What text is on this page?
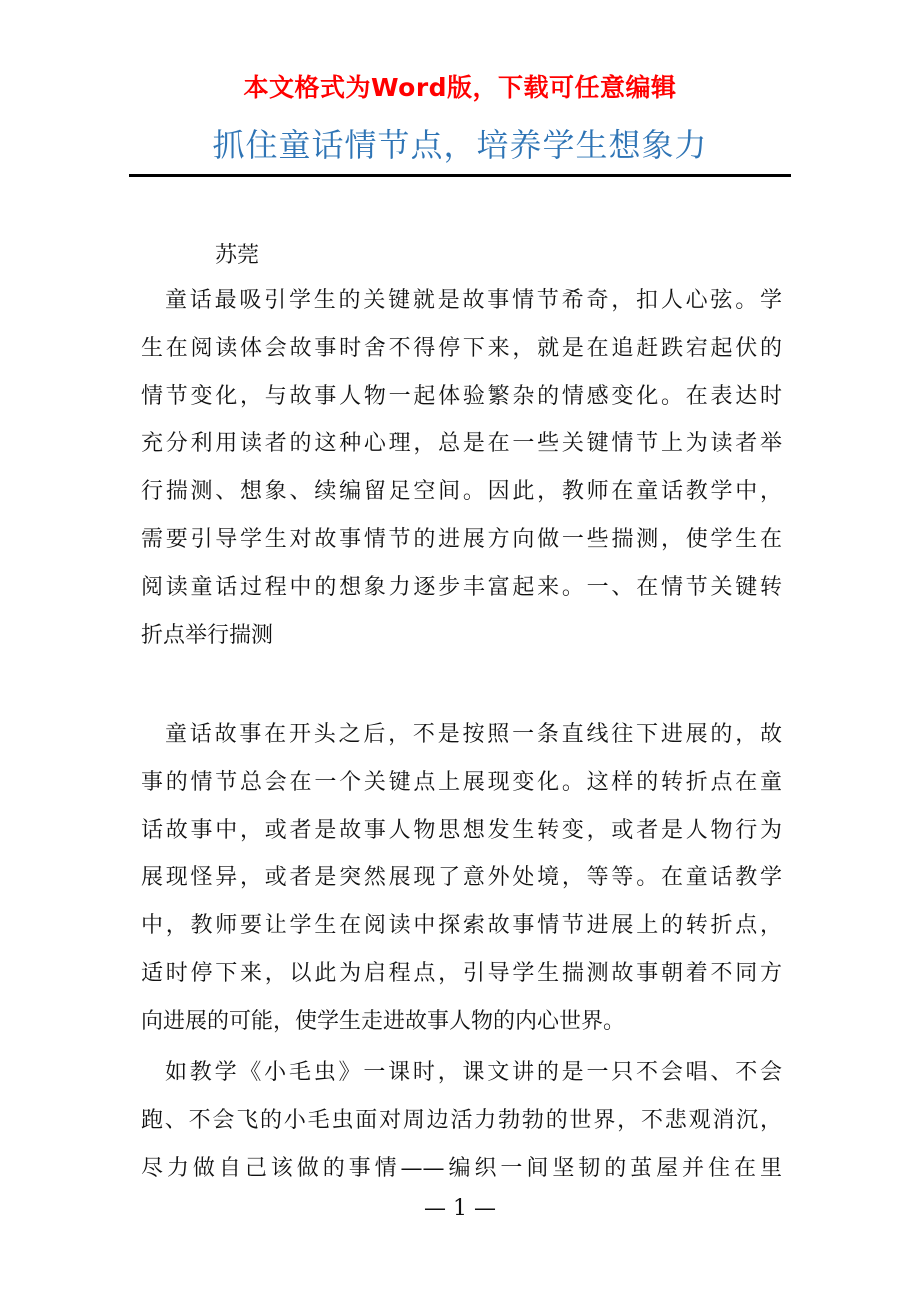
本文格式为Word版，下载可任意编辑
抓住童话情节点，培养学生想象力
苏莞
童话最吸引学生的关键就是故事情节希奇，扣人心弦。学
生在阅读体会故事时舍不得停下来，就是在追赶跌宕起伏的
情节变化，与故事人物一起体验繁杂的情感变化。在表达时
充分利用读者的这种心理，总是在一些关键情节上为读者举
行揣测、想象、续编留足空间。因此，教师在童话教学中，
需要引导学生对故事情节的进展方向做一些揣测，使学生在
阅读童话过程中的想象力逐步丰富起来。一、在情节关键转
折点举行揣测
童话故事在开头之后，不是按照一条直线往下进展的，故
事的情节总会在一个关键点上展现变化。这样的转折点在童
话故事中，或者是故事人物思想发生转变，或者是人物行为
展现怪异，或者是突然展现了意外处境，等等。在童话教学
中，教师要让学生在阅读中探索故事情节进展上的转折点，
适时停下来，以此为启程点，引导学生揣测故事朝着不同方
向进展的可能，使学生走进故事人物的内心世界。
如教学《小毛虫》一课时，课文讲的是一只不会唱、不会
跑、不会飞的小毛虫面对周边活力勃勃的世界，不悲观消沉，
尽力做自己该做的事情——编织一间坚韧的茧屋并住在里
— 1 —
